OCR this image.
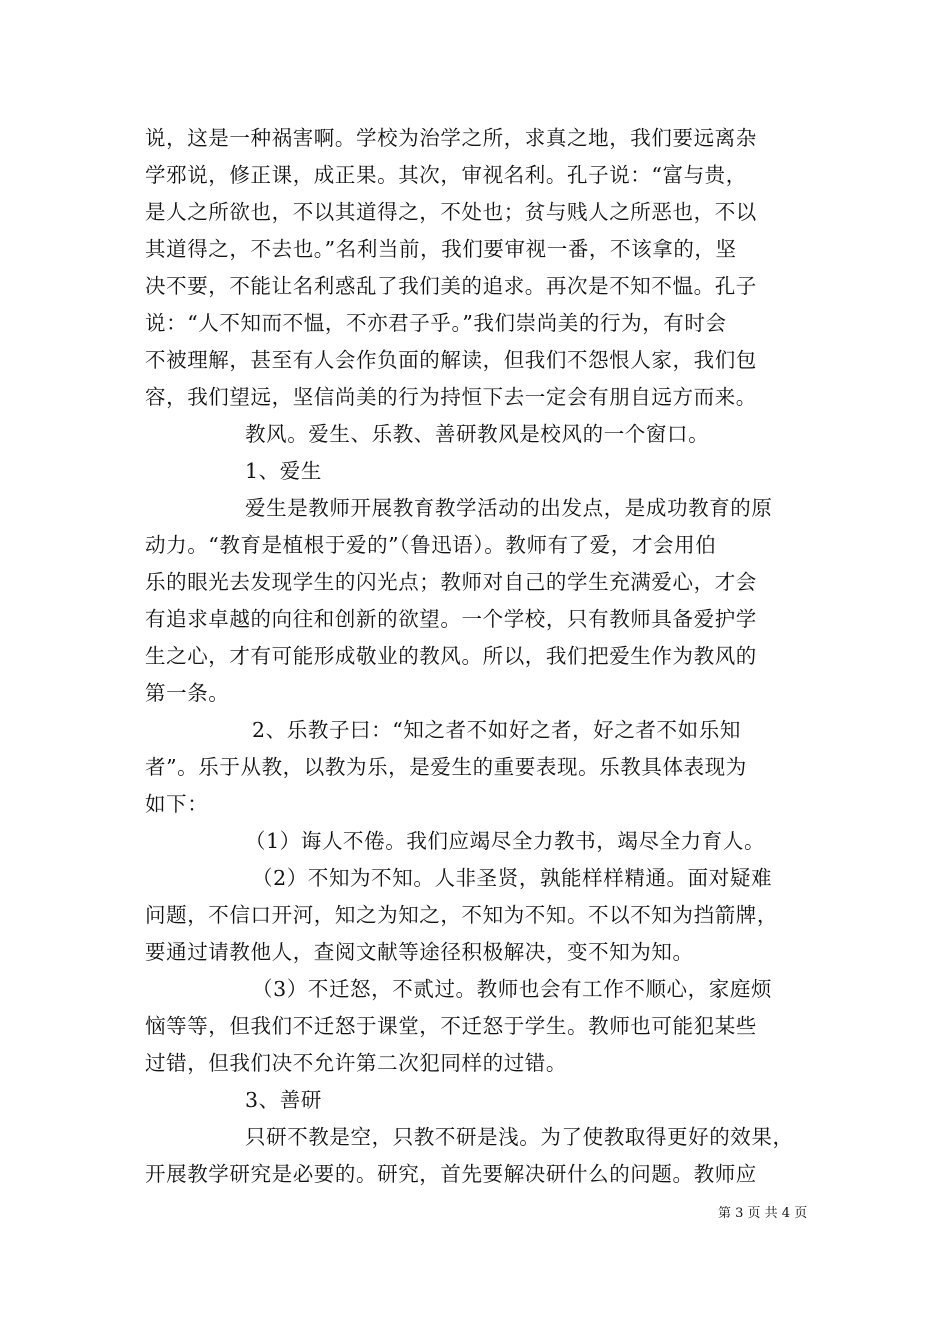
说，这是一种祸害啊。学校为治学之所，求真之地，我们要远离杂
学邪说，修正课，成正果。其次，审视名利。孔子说：“富与贵，
是人之所欲也，不以其道得之，不处也；贫与贱人之所恶也，不以
其道得之，不去也。”名利当前，我们要审视一番，不该拿的，坚
决不要，不能让名利惑乱了我们美的追求。再次是不知不愠。孔子
说：“人不知而不愠，不亦君子乎。”我们崇尚美的行为，有时会
不被理解，甚至有人会作负面的解读，但我们不怨恨人家，我们包
容，我们望远，坚信尚美的行为持恒下去一定会有朋自远方而来。
教风。爱生、乐教、善研教风是校风的一个窗口。
1、爱生
爱生是教师开展教育教学活动的出发点，是成功教育的原
动力。“教育是植根于爱的”（鲁迅语）。教师有了爱，才会用伯
乐的眼光去发现学生的闪光点；教师对自己的学生充满爱心，才会
有追求卓越的向往和创新的欲望。一个学校，只有教师具备爱护学
生之心，才有可能形成敬业的教风。所以，我们把爱生作为教风的
第一条。
2、乐教子曰：“知之者不如好之者，好之者不如乐知
者”。乐于从教，以教为乐，是爱生的重要表现。乐教具体表现为
如下：
（1）诲人不倦。我们应竭尽全力教书，竭尽全力育人。
（2）不知为不知。人非圣贤，孰能样样精通。面对疑难
问题，不信口开河，知之为知之，不知为不知。不以不知为挡箭牌，
要通过请教他人，查阅文献等途径积极解决，变不知为知。
（3）不迁怒，不贰过。教师也会有工作不顺心，家庭烦
恼等等，但我们不迁怒于课堂，不迁怒于学生。教师也可能犯某些
过错，但我们决不允许第二次犯同样的过错。
3、善研
只研不教是空，只教不研是浅。为了使教取得更好的效果，
开展教学研究是必要的。研究，首先要解决研什么的问题。教师应
第 3 页 共 4 页
